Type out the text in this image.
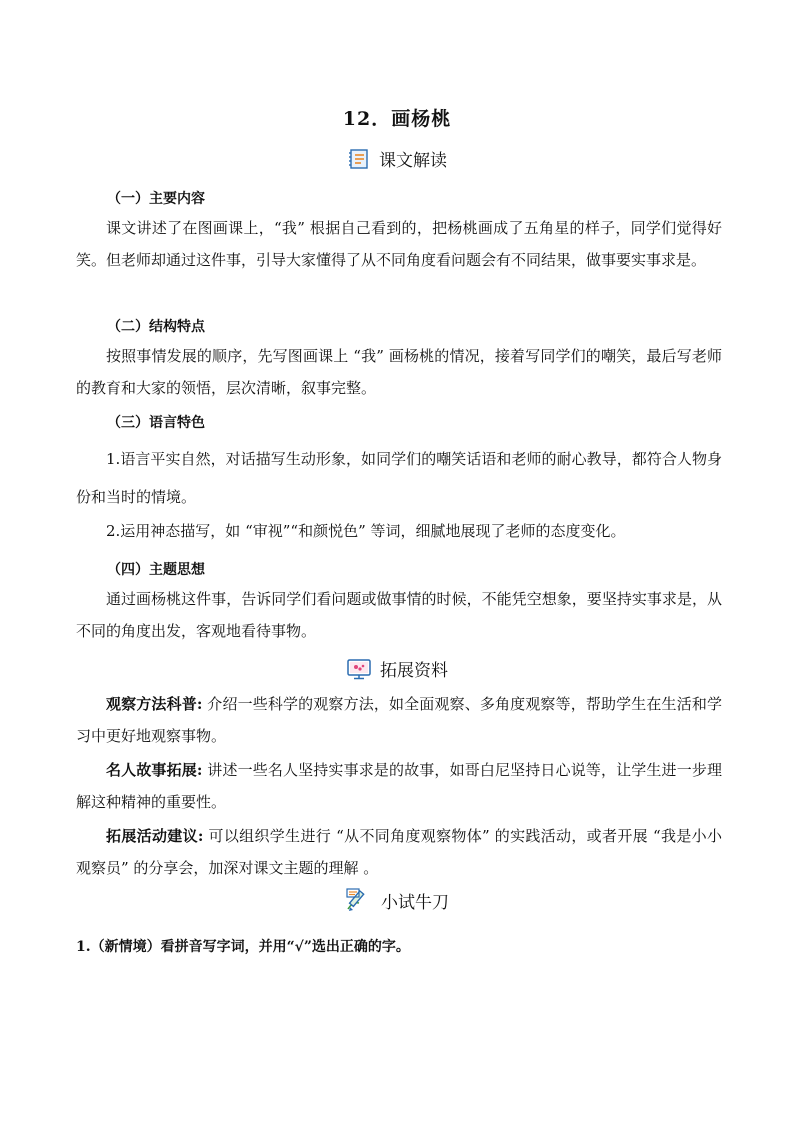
12．画杨桃
课文解读
（一）主要内容

课文讲述了在图画课上，“我” 根据自己看到的，把杨桃画成了五角星的样子，同学们觉得好笑。但老师却通过这件事，引导大家懂得了从不同角度看问题会有不同结果，做事要实事求是。

（二）结构特点

按照事情发展的顺序，先写图画课上 “我” 画杨桃的情况，接着写同学们的嘲笑，最后写老师的教育和大家的领悟，层次清晰，叙事完整。

（三）语言特色

1.语言平实自然，对话描写生动形象，如同学们的嘲笑话语和老师的耐心教导，都符合人物身份和当时的情境。

2.运用神态描写，如 “审视”“和颜悦色” 等词，细腻地展现了老师的态度变化。

（四）主题思想

通过画杨桃这件事，告诉同学们看问题或做事情的时候，不能凭空想象，要坚持实事求是，从不同的角度出发，客观地看待事物。

拓展资料

观察方法科普: 介绍一些科学的观察方法，如全面观察、多角度观察等，帮助学生在生活和学习中更好地观察事物。

名人故事拓展: 讲述一些名人坚持实事求是的故事，如哥白尼坚持日心说等，让学生进一步理解这种精神的重要性。

拓展活动建议: 可以组织学生进行 “从不同角度观察物体” 的实践活动，或者开展 “我是小小观察员” 的分享会，加深对课文主题的理解 。

小试牛刀
1.（新情境）看拼音写字词，并用“√”选出正确的字。
